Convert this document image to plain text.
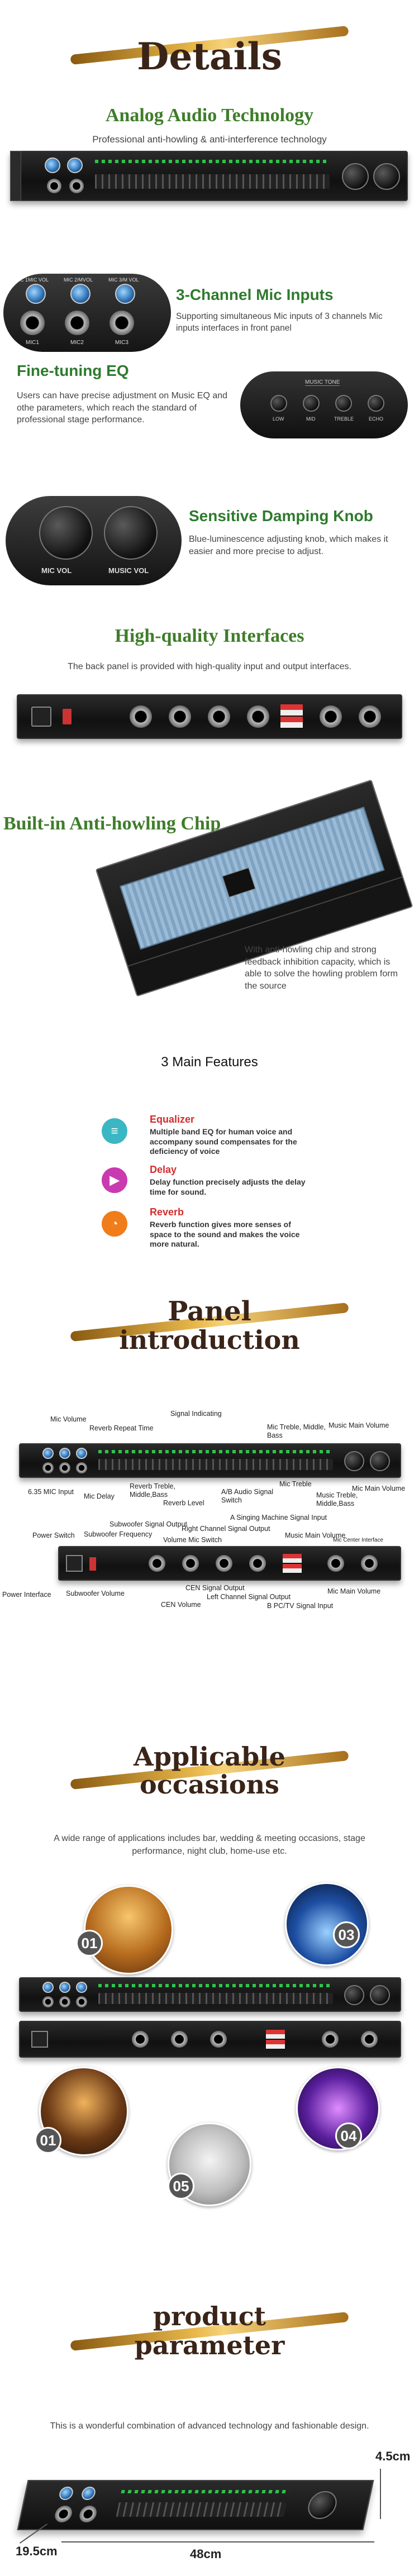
Details
Analog Audio Technology
Professional anti-howling & anti-interference technology
MIC 1MIC VOL	MIC 2/MVOL	MIC 3/M VOL
MIC1	MIC2	MIC3
3-Channel Mic Inputs
Supporting simultaneous Mic inputs of 3 channels Mic inputs interfaces in front panel
Fine-tuning EQ
Users can have precise adjustment on Music EQ and othe parameters, which reach the standard of professional stage performance.
MUSIC TONE
LOW	MID	TREBLE	ECHO
MIC VOL	MUSIC VOL
Sensitive Damping Knob
Blue-luminescence adjusting knob, which makes it easier and more precise to adjust.
High-quality Interfaces
The back panel is provided with high-quality input and output interfaces.
Built-in Anti-howling Chip
With anti-howling chip and strong feedback inhibition capacity, which is able to solve the howling problem form the source
3 Main Features
≡
Equalizer
Multiple band EQ for human voice and accompany sound compensates for the deficiency of voice
▶
Delay
Delay function precisely adjusts the delay time for sound.
◔
Reverb
Reverb function gives more senses of space to the sound and makes the voice more natural.
Panel
introduction
Mic Volume
Reverb Repeat Time
Signal Indicating
Mic Treble, Middle, Bass
Music Main Volume
6.35 MIC Input
Mic Delay
Reverb Treble, Middle,Bass
Reverb Level
A/B Audio Signal Switch
Mic Treble
Music Treble, Middle,Bass
Mic Main Volume
Subwoofer Signal Output
A Singing Machine Signal Input
Power Switch Subwoofer Frequency
Right Channel Signal Output
Music Main Volume
Volume Mic Switch	Mic Center Interface
Power Interface Subwoofer Volume
CEN Signal Output
Left Channel Signal Output
Mic Main Volume
CEN Volume	B PC/TV Signal Input
Applicable
occasions
A wide range of applications includes bar, wedding & meeting occasions, stage performance, night club, home-use etc.
01	03
01	04
05
product
parameter
This is a wonderful combination of advanced technology and fashionable design.
4.5cm
19.5cm	48cm
